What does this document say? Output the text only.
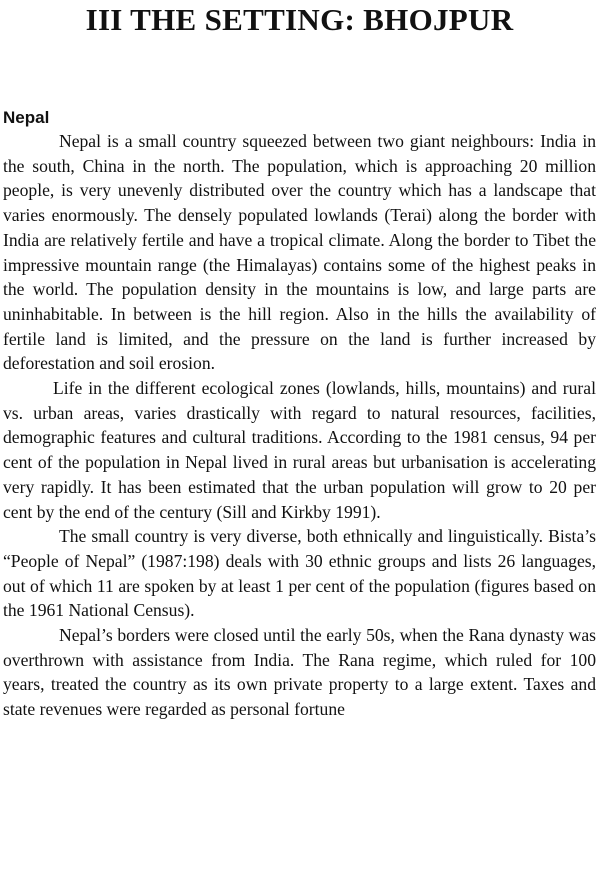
III THE SETTING: BHOJPUR
Nepal

Nepal is a small country squeezed between two giant neighbours: India in the south, China in the north. The population, which is approaching 20 million people, is very unevenly distributed over the country which has a landscape that varies enormously. The densely populated lowlands (Terai) along the border with India are relatively fertile and have a tropical climate. Along the border to Tibet the impressive mountain range (the Himalayas) contains some of the highest peaks in the world. The population density in the mountains is low, and large parts are uninhabitable. In between is the hill region. Also in the hills the availability of fertile land is limited, and the pressure on the land is further increased by deforestation and soil erosion.

Life in the different ecological zones (lowlands, hills, mountains) and rural vs. urban areas, varies drastically with regard to natural resources, facilities, demographic features and cultural traditions. According to the 1981 census, 94 per cent of the population in Nepal lived in rural areas but urbanisation is accelerating very rapidly. It has been estimated that the urban population will grow to 20 per cent by the end of the century (Sill and Kirkby 1991).

The small country is very diverse, both ethnically and linguistically. Bista’s “People of Nepal” (1987:198) deals with 30 ethnic groups and lists 26 languages, out of which 11 are spoken by at least 1 per cent of the population (figures based on the 1961 National Census).

Nepal’s borders were closed until the early 50s, when the Rana dynasty was overthrown with assistance from India. The Rana regime, which ruled for 100 years, treated the country as its own private property to a large extent. Taxes and state revenues were regarded as personal fortune
